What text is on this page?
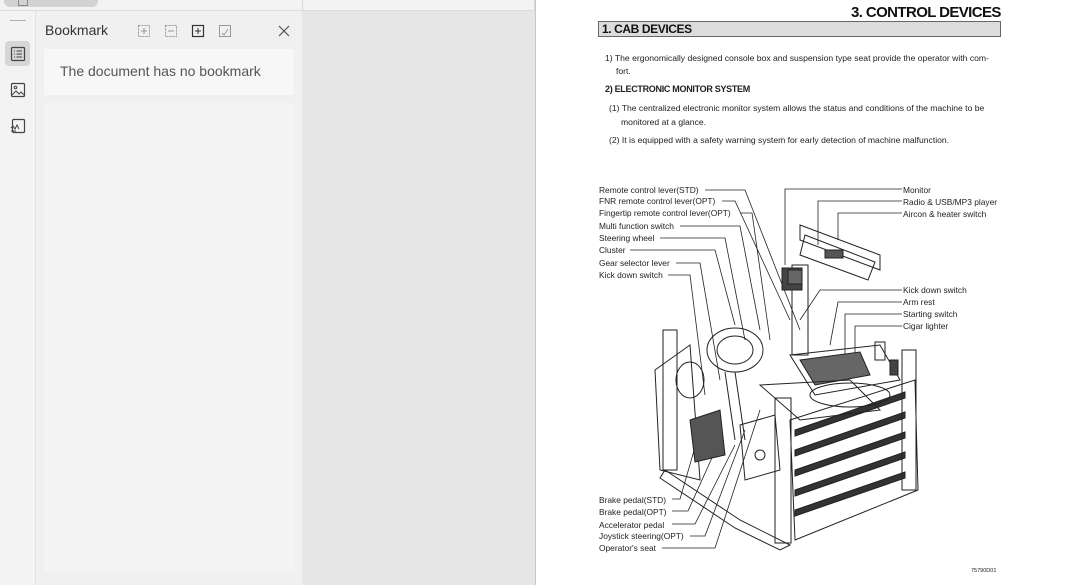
Bookmark
The document has no bookmark
3. CONTROL DEVICES
1. CAB DEVICES
1) The ergonomically designed console box and suspension type seat provide the operator with com-
fort.
2) ELECTRONIC MONITOR SYSTEM
(1) The centralized electronic monitor system allows the status and conditions of the machine to be
monitored at a glance.
(2) It is equipped with a safety warning system for early detection of machine malfunction.
Remote control lever(STD)
FNR remote control lever(OPT)
Fingertip remote control lever(OPT)
Multi function switch
Steering wheel
Cluster
Gear selector lever
Kick down switch
Monitor
Radio & USB/MP3 player
Aircon & heater switch
Kick down switch
Arm rest
Starting switch
Cigar lighter
Brake pedal(STD)
Brake pedal(OPT)
Accelerator pedal
Joystick steering(OPT)
Operator's seat
75790D01
